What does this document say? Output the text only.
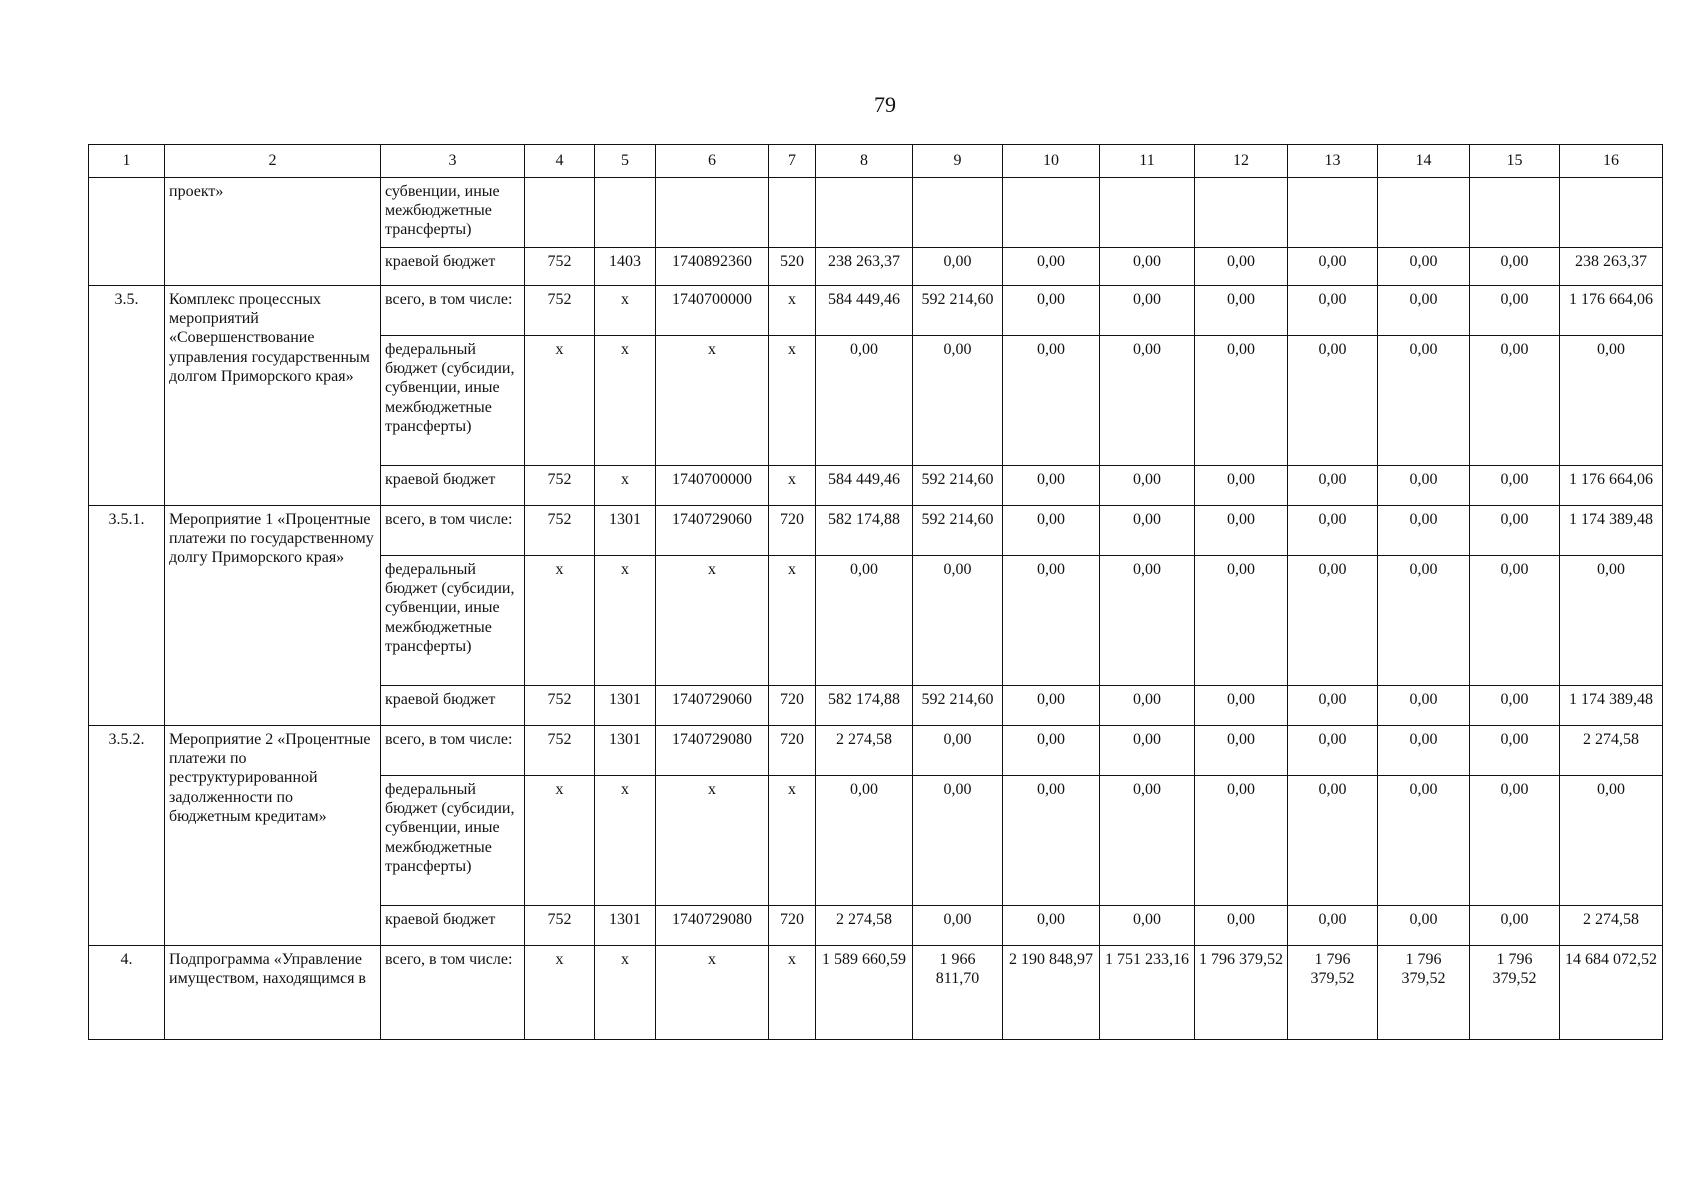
79
1	2	3	4	5	6	7	8	9	10	11	12	13	14	15	16
	проект»	субвенции, иные межбюджетные трансферты)													
		краевой бюджет	752	1403	1740892360	520	238 263,37	0,00	0,00	0,00	0,00	0,00	0,00	0,00	238 263,37
3.5.	Комплекс процессных мероприятий «Совершенствование управления государственным долгом Приморского края»	всего, в том числе:	752	х	1740700000	х	584 449,46	592 214,60	0,00	0,00	0,00	0,00	0,00	0,00	1 176 664,06
		федеральный бюджет (субсидии, субвенции, иные межбюджетные трансферты)	х	х	х	х	0,00	0,00	0,00	0,00	0,00	0,00	0,00	0,00	0,00
		краевой бюджет	752	х	1740700000	х	584 449,46	592 214,60	0,00	0,00	0,00	0,00	0,00	0,00	1 176 664,06
3.5.1.	Мероприятие 1 «Процентные платежи по государственному долгу Приморского края»	всего, в том числе:	752	1301	1740729060	720	582 174,88	592 214,60	0,00	0,00	0,00	0,00	0,00	0,00	1 174 389,48
		федеральный бюджет (субсидии, субвенции, иные межбюджетные трансферты)	х	х	х	х	0,00	0,00	0,00	0,00	0,00	0,00	0,00	0,00	0,00
		краевой бюджет	752	1301	1740729060	720	582 174,88	592 214,60	0,00	0,00	0,00	0,00	0,00	0,00	1 174 389,48
3.5.2.	Мероприятие 2 «Процентные платежи по реструктурированной задолженности по бюджетным кредитам»	всего, в том числе:	752	1301	1740729080	720	2 274,58	0,00	0,00	0,00	0,00	0,00	0,00	0,00	2 274,58
		федеральный бюджет (субсидии, субвенции, иные межбюджетные трансферты)	х	х	х	х	0,00	0,00	0,00	0,00	0,00	0,00	0,00	0,00	0,00
		краевой бюджет	752	1301	1740729080	720	2 274,58	0,00	0,00	0,00	0,00	0,00	0,00	0,00	2 274,58
4.	Подпрограмма «Управление имуществом, находящимся в	всего, в том числе:	х	х	х	х	1 589 660,59	1 966 811,70	2 190 848,97	1 751 233,16	1 796 379,52	1 796 379,52	1 796 379,52	1 796 379,52	14 684 072,52
